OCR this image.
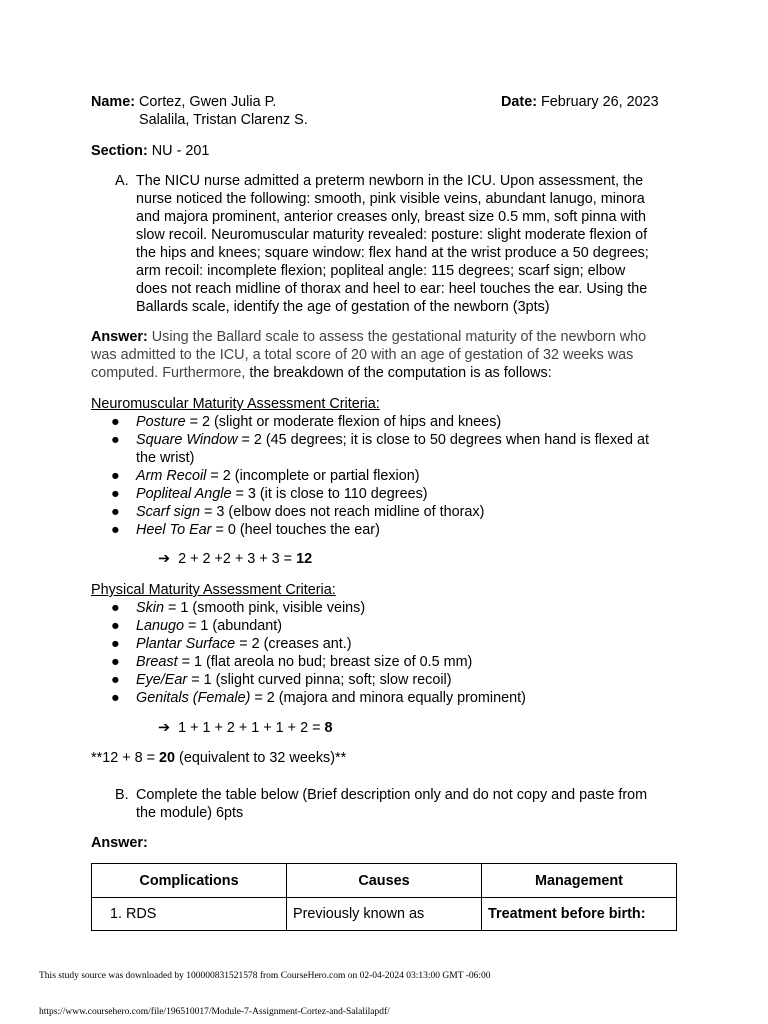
Name: Cortez, Gwen Julia P.
Salalila, Tristan Clarenz S.
Date: February 26, 2023
Section: NU - 201
A. The NICU nurse admitted a preterm newborn in the ICU. Upon assessment, the
nurse noticed the following: smooth, pink visible veins, abundant lanugo, minora
and majora prominent, anterior creases only, breast size 0.5 mm, soft pinna with
slow recoil. Neuromuscular maturity revealed: posture: slight moderate flexion of
the hips and knees; square window: flex hand at the wrist produce a 50 degrees;
arm recoil: incomplete flexion; popliteal angle: 115 degrees; scarf sign; elbow
does not reach midline of thorax and heel to ear: heel touches the ear. Using the
Ballards scale, identify the age of gestation of the newborn (3pts)
Answer: Using the Ballard scale to assess the gestational maturity of the newborn who
was admitted to the ICU, a total score of 20 with an age of gestation of 32 weeks was
computed. Furthermore, the breakdown of the computation is as follows:
Neuromuscular Maturity Assessment Criteria:
● Posture = 2 (slight or moderate flexion of hips and knees)
● Square Window = 2 (45 degrees; it is close to 50 degrees when hand is flexed at
the wrist)
● Arm Recoil = 2 (incomplete or partial flexion)
● Popliteal Angle = 3 (it is close to 110 degrees)
● Scarf sign = 3 (elbow does not reach midline of thorax)
● Heel To Ear = 0 (heel touches the ear)
➔ 2 + 2 +2 + 3 + 3 = 12
Physical Maturity Assessment Criteria:
● Skin = 1 (smooth pink, visible veins)
● Lanugo = 1 (abundant)
● Plantar Surface = 2 (creases ant.)
● Breast = 1 (flat areola no bud; breast size of 0.5 mm)
● Eye/Ear = 1 (slight curved pinna; soft; slow recoil)
● Genitals (Female) = 2 (majora and minora equally prominent)
➔ 1 + 1 + 2 + 1 + 1 + 2 = 8
**12 + 8 = 20 (equivalent to 32 weeks)**
B. Complete the table below (Brief description only and do not copy and paste from
the module) 6pts
Answer:
Complications	Causes	Management
1. RDS	Previously known as	Treatment before birth:
This study source was downloaded by 100000831521578 from CourseHero.com on 02-04-2024 03:13:00 GMT -06:00
https://www.coursehero.com/file/196510017/Module-7-Assignment-Cortez-and-Salalilapdf/
